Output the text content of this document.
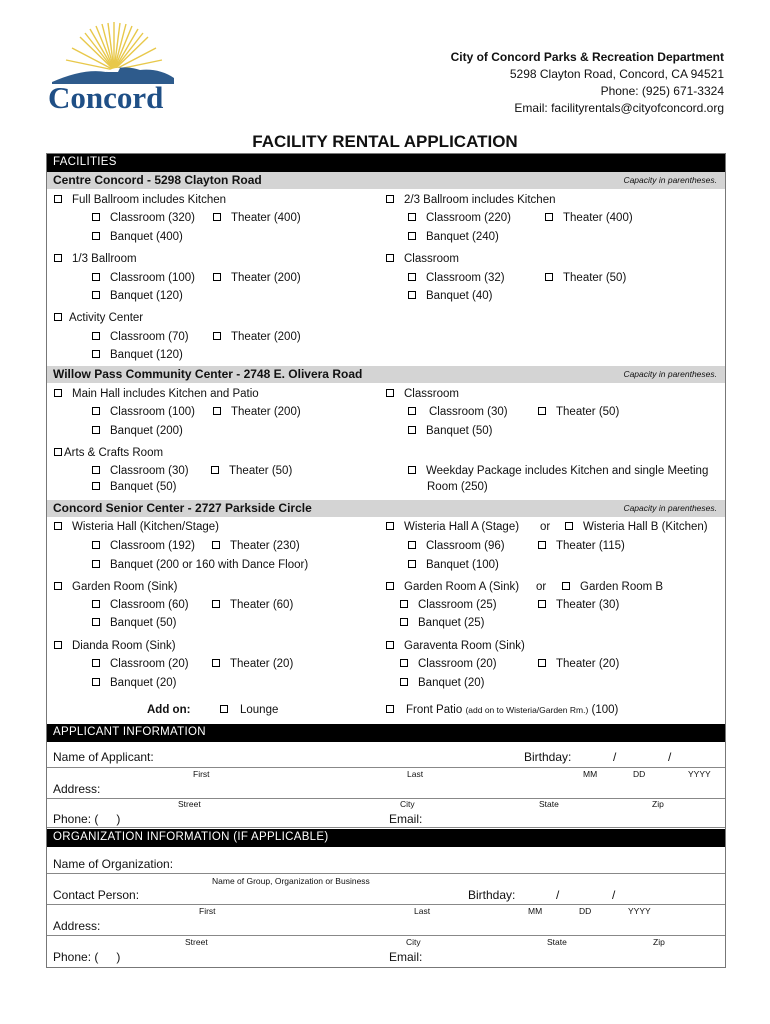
Concord
City of Concord Parks & Recreation Department
5298 Clayton Road, Concord, CA 94521
Phone: (925) 671-3324
Email: facilityrentals@cityofconcord.org
FACILITY RENTAL APPLICATION
FACILITIES
Centre Concord - 5298 Clayton Road	Capacity in parentheses.
Full Ballroom includes Kitchen
Classroom (320)	Theater (400)
Banquet (400)
2/3 Ballroom includes Kitchen
Classroom (220)	Theater (400)
Banquet (240)
1/3 Ballroom
Classroom (100)	Theater (200)
Banquet (120)
Classroom
Classroom (32)	Theater (50)
Banquet (40)
Activity Center
Classroom (70)	Theater (200)
Banquet (120)
Willow Pass Community Center - 2748 E. Olivera Road	Capacity in parentheses.
Main Hall includes Kitchen and Patio
Classroom (100)	Theater (200)
Banquet (200)
Classroom
Classroom (30)	Theater (50)
Banquet (50)
Arts & Crafts Room
Classroom (30)	Theater (50)
Banquet (50)
Weekday Package includes Kitchen and single Meeting
Room (250)
Concord Senior Center - 2727 Parkside Circle	Capacity in parentheses.
Wisteria Hall (Kitchen/Stage)
Classroom (192)	Theater (230)
Banquet (200 or 160 with Dance Floor)
Wisteria Hall A (Stage) or	Wisteria Hall B (Kitchen)
Classroom (96)	Theater (115)
Banquet (100)
Garden Room (Sink)
Classroom (60)	Theater (60)
Banquet (50)
Garden Room A (Sink) or	Garden Room B
Classroom (25)	Theater (30)
Banquet (25)
Dianda Room (Sink)
Classroom (20)	Theater (20)
Banquet (20)
Garaventa Room (Sink)
Classroom (20)	Theater (20)
Banquet (20)
Add on:	Lounge	Front Patio (add on to Wisteria/Garden Rm.) (100)
APPLICANT INFORMATION
Name of Applicant:	Birthday:	/	/
First	Last	MM	DD	YYYY
Address:
Street	City	State	Zip
Phone: ( )	Email:
ORGANIZATION INFORMATION (IF APPLICABLE)
Name of Organization:
Name of Group, Organization or Business
Contact Person:	Birthday:	/	/
First	Last	MM	DD	YYYY
Address:
Street	City	State	Zip
Phone: ( )	Email:
